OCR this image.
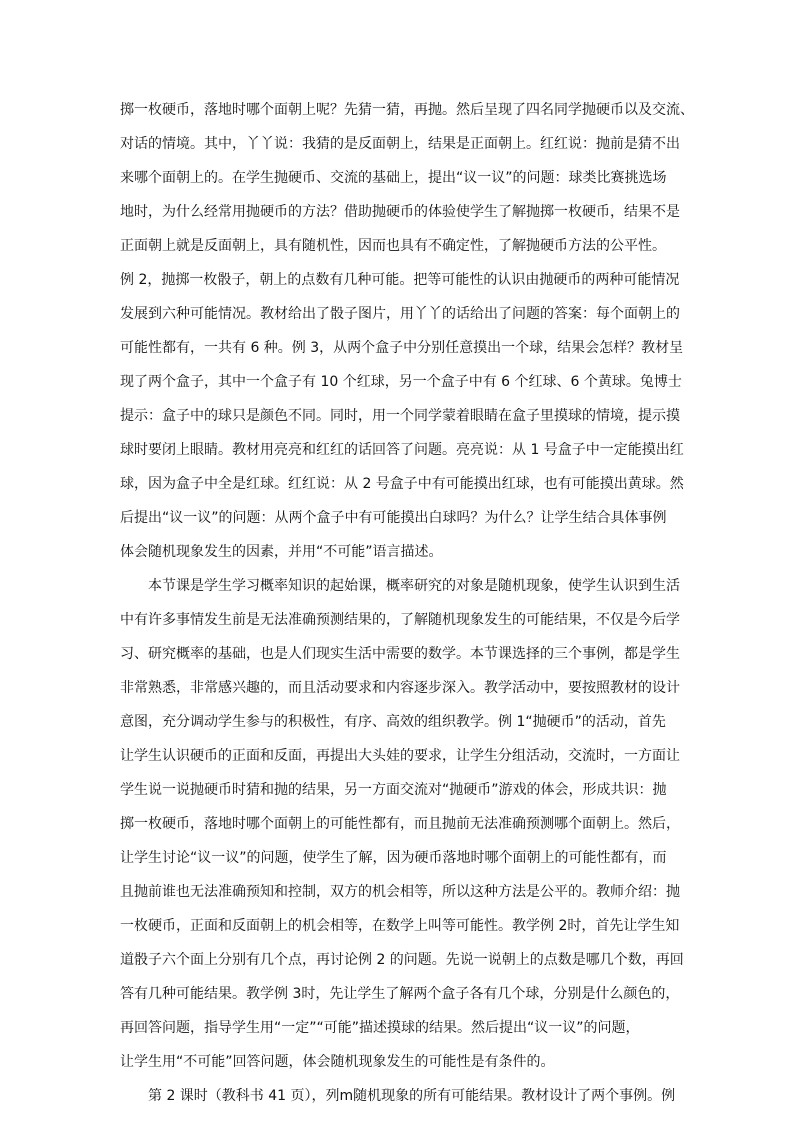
掷一枚硬币，落地时哪个面朝上呢？先猜一猜，再抛。然后呈现了四名同学抛硬币以及交流、
对话的情境。其中，丫丫说：我猜的是反面朝上，结果是正面朝上。红红说：抛前是猜不出
来哪个面朝上的。在学生抛硬币、交流的基础上，提出“议一议”的问题：球类比赛挑选场
地时，为什么经常用抛硬币的方法？借助抛硬币的体验使学生了解抛掷一枚硬币，结果不是
正面朝上就是反面朝上，具有随机性，因而也具有不确定性，了解抛硬币方法的公平性。
例 2，抛掷一枚骰子，朝上的点数有几种可能。把等可能性的认识由抛硬币的两种可能情况
发展到六种可能情况。教材给出了骰子图片，用丫丫的话给出了问题的答案：每个面朝上的
可能性都有，一共有 6 种。例 3，从两个盒子中分别任意摸出一个球，结果会怎样？教材呈
现了两个盒子，其中一个盒子有 10 个红球，另一个盒子中有 6 个红球、6 个黄球。兔博士
提示：盒子中的球只是颜色不同。同时，用一个同学蒙着眼睛在盒子里摸球的情境，提示摸
球时要闭上眼睛。教材用亮亮和红红的话回答了问题。亮亮说：从 1 号盒子中一定能摸出红
球，因为盒子中全是红球。红红说：从 2 号盒子中有可能摸出红球，也有可能摸出黄球。然
后提出“议一议”的问题：从两个盒子中有可能摸出白球吗？为什么？让学生结合具体事例
体会随机现象发生的因素，并用“不可能”语言描述。
本节课是学生学习概率知识的起始课，概率研究的对象是随机现象，使学生认识到生活
中有许多事情发生前是无法准确预测结果的，了解随机现象发生的可能结果，不仅是今后学
习、研究概率的基础，也是人们现实生活中需要的数学。本节课选择的三个事例，都是学生
非常熟悉，非常感兴趣的，而且活动要求和内容逐步深入。教学活动中，要按照教材的设计
意图，充分调动学生参与的积极性，有序、高效的组织教学。例 1“抛硬币”的活动，首先
让学生认识硬币的正面和反面，再提出大头娃的要求，让学生分组活动，交流时，一方面让
学生说一说抛硬币时猜和抛的结果，另一方面交流对“抛硬币”游戏的体会，形成共识：抛
掷一枚硬币，落地时哪个面朝上的可能性都有，而且抛前无法准确预测哪个面朝上。然后，
让学生讨论“议一议”的问题，使学生了解，因为硬币落地时哪个面朝上的可能性都有，而
且抛前谁也无法准确预知和控制，双方的机会相等，所以这种方法是公平的。教师介绍：抛
一枚硬币，正面和反面朝上的机会相等，在数学上叫等可能性。教学例 2时，首先让学生知
道骰子六个面上分别有几个点，再讨论例 2 的问题。先说一说朝上的点数是哪几个数，再回
答有几种可能结果。教学例 3时，先让学生了解两个盒子各有几个球，分别是什么颜色的，
再回答问题，指导学生用“一定”“可能”描述摸球的结果。然后提出“议一议”的问题，
让学生用“不可能”回答问题，体会随机现象发生的可能性是有条件的。
第 2 课时（教科书 41 页），列ⅿ随机现象的所有可能结果。教材设计了两个事例。例
